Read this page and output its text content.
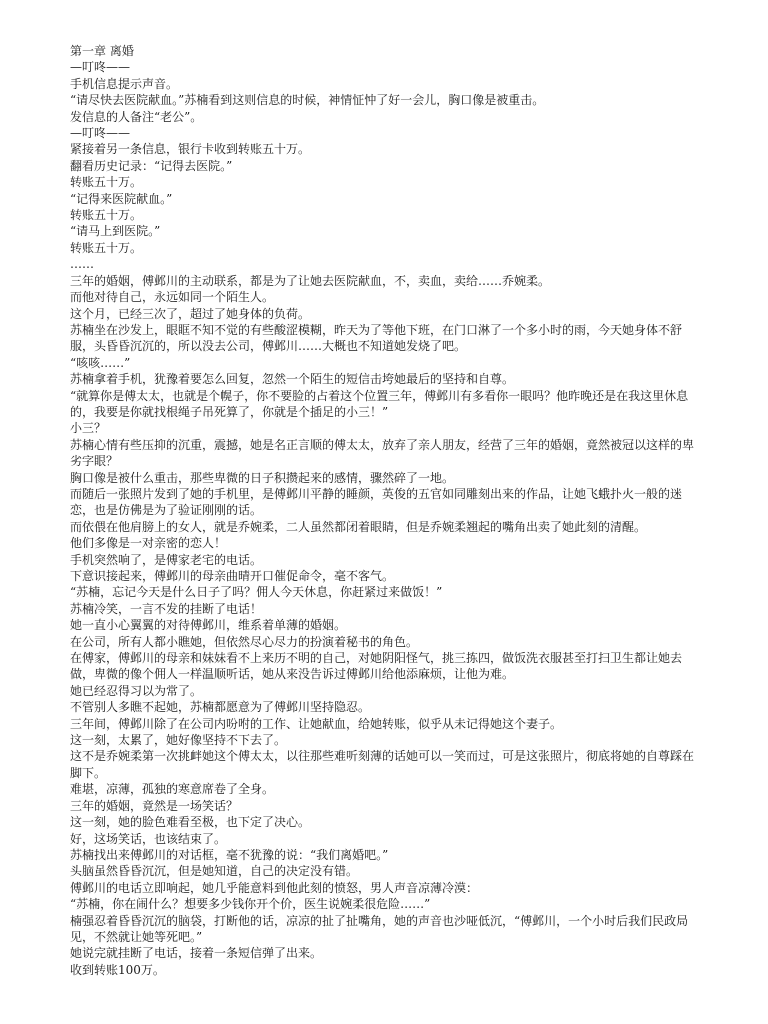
第一章 离婚

—叮咚——

手机信息提示声音。

“请尽快去医院献血。”苏楠看到这则信息的时候，神情怔忡了好一会儿，胸口像是被重击。

发信息的人备注“老公”。

—叮咚——

紧接着另一条信息，银行卡收到转账五十万。

翻看历史记录：“记得去医院。”

转账五十万。

“记得来医院献血。”

转账五十万。

“请马上到医院。”

转账五十万。

……

三年的婚姻，傅邺川的主动联系，都是为了让她去医院献血，不，卖血，卖给……乔婉柔。

而他对待自己，永远如同一个陌生人。

这个月，已经三次了，超过了她身体的负荷。

苏楠坐在沙发上，眼眶不知不觉的有些酸涩模糊，昨天为了等他下班，在门口淋了一个多小时的雨，今天她身体不舒服，头昏昏沉沉的，所以没去公司，傅邺川……大概也不知道她发烧了吧。

“咳咳……”

苏楠拿着手机，犹豫着要怎么回复，忽然一个陌生的短信击垮她最后的坚持和自尊。

“就算你是傅太太，也就是个幌子，你不要脸的占着这个位置三年，傅邺川有多看你一眼吗？他昨晚还是在我这里休息的，我要是你就找根绳子吊死算了，你就是个插足的小三！”

小三？

苏楠心情有些压抑的沉重，震撼，她是名正言顺的傅太太，放弃了亲人朋友，经营了三年的婚姻，竟然被冠以这样的卑劣字眼？

胸口像是被什么重击，那些卑微的日子积攒起来的感情，骤然碎了一地。

而随后一张照片发到了她的手机里，是傅邺川平静的睡颜，英俊的五官如同雕刻出来的作品，让她飞蛾扑火一般的迷恋，也是仿佛是为了验证刚刚的话。

而依偎在他肩膀上的女人，就是乔婉柔，二人虽然都闭着眼睛，但是乔婉柔翘起的嘴角出卖了她此刻的清醒。

他们多像是一对亲密的恋人！

手机突然响了，是傅家老宅的电话。

下意识接起来，傅邺川的母亲曲晴开口催促命令，毫不客气。

“苏楠，忘记今天是什么日子了吗？佣人今天休息，你赶紧过来做饭！”

苏楠冷笑，一言不发的挂断了电话！

她一直小心翼翼的对待傅邺川，维系着单薄的婚姻。

在公司，所有人都小瞧她，但依然尽心尽力的扮演着秘书的角色。

在傅家，傅邺川的母亲和妹妹看不上来历不明的自己，对她阴阳怪气，挑三拣四，做饭洗衣服甚至打扫卫生都让她去做，卑微的像个佣人一样温顺听话，她从来没告诉过傅邺川给他添麻烦，让他为难。

她已经忍得习以为常了。

不管别人多瞧不起她，苏楠都愿意为了傅邺川坚持隐忍。

三年间，傅邺川除了在公司内吩咐的工作、让她献血，给她转账，似乎从未记得她这个妻子。

这一刻，太累了，她好像坚持不下去了。

这不是乔婉柔第一次挑衅她这个傅太太，以往那些难听刻薄的话她可以一笑而过，可是这张照片，彻底将她的自尊踩在脚下。

难堪，凉薄，孤独的寒意席卷了全身。

三年的婚姻，竟然是一场笑话？

这一刻，她的脸色难看至极，也下定了决心。

好，这场笑话，也该结束了。

苏楠找出来傅邺川的对话框，毫不犹豫的说：“我们离婚吧。”

头脑虽然昏昏沉沉，但是她知道，自己的决定没有错。

傅邺川的电话立即响起，她几乎能意料到他此刻的愤怒，男人声音凉薄冷漠：

“苏楠，你在闹什么？想要多少钱你开个价，医生说婉柔很危险……”

楠强忍着昏昏沉沉的脑袋，打断他的话，凉凉的扯了扯嘴角，她的声音也沙哑低沉，“傅邺川，一个小时后我们民政局见，不然就让她等死吧。”

她说完就挂断了电话，接着一条短信弹了出来。

收到转账100万。
